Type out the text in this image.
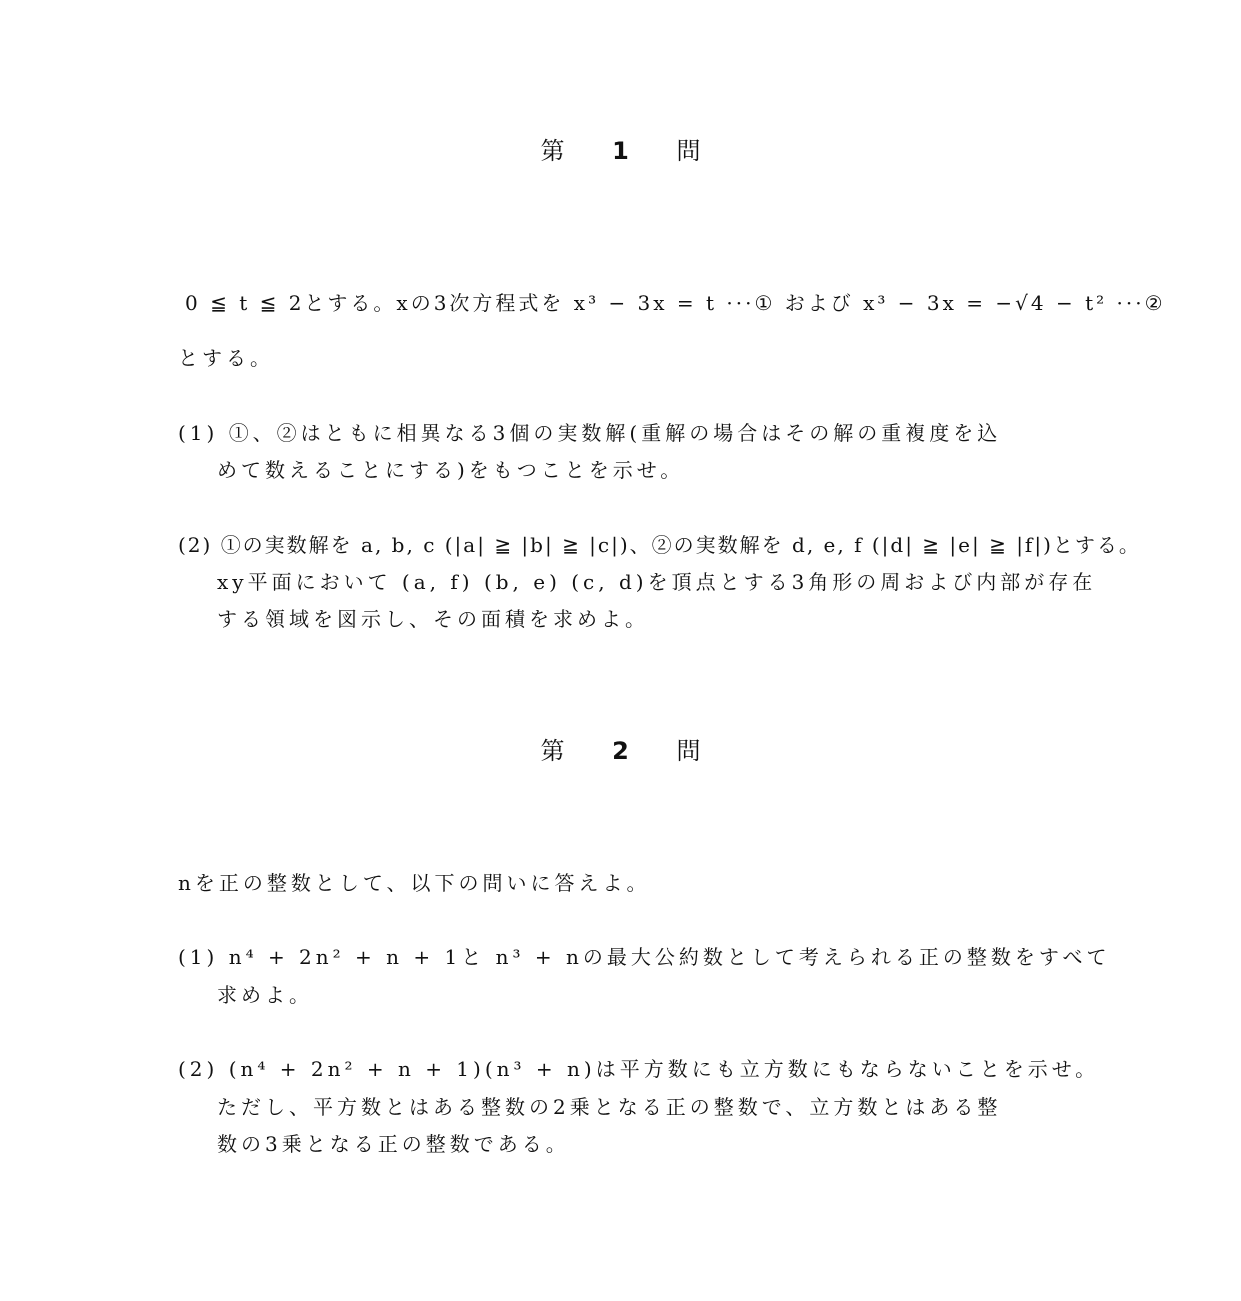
第 1 問
0 ≦ t ≦ 2とする。xの3次方程式を x³ − 3x = t ···① および x³ − 3x = −√4 − t² ···②
とする。
(1) ①、②はともに相異なる3個の実数解(重解の場合はその解の重複度を込
めて数えることにする)をもつことを示せ。
(2) ①の実数解を a, b, c (|a| ≧ |b| ≧ |c|)、②の実数解を d, e, f (|d| ≧ |e| ≧ |f|)とする。
xy平面において (a, f) (b, e) (c, d)を頂点とする3角形の周および内部が存在
する領域を図示し、その面積を求めよ。
第 2 問
nを正の整数として、以下の問いに答えよ。
(1) n⁴ + 2n² + n + 1と n³ + nの最大公約数として考えられる正の整数をすべて
求めよ。
(2) (n⁴ + 2n² + n + 1)(n³ + n)は平方数にも立方数にもならないことを示せ。
ただし、平方数とはある整数の2乗となる正の整数で、立方数とはある整
数の3乗となる正の整数である。
